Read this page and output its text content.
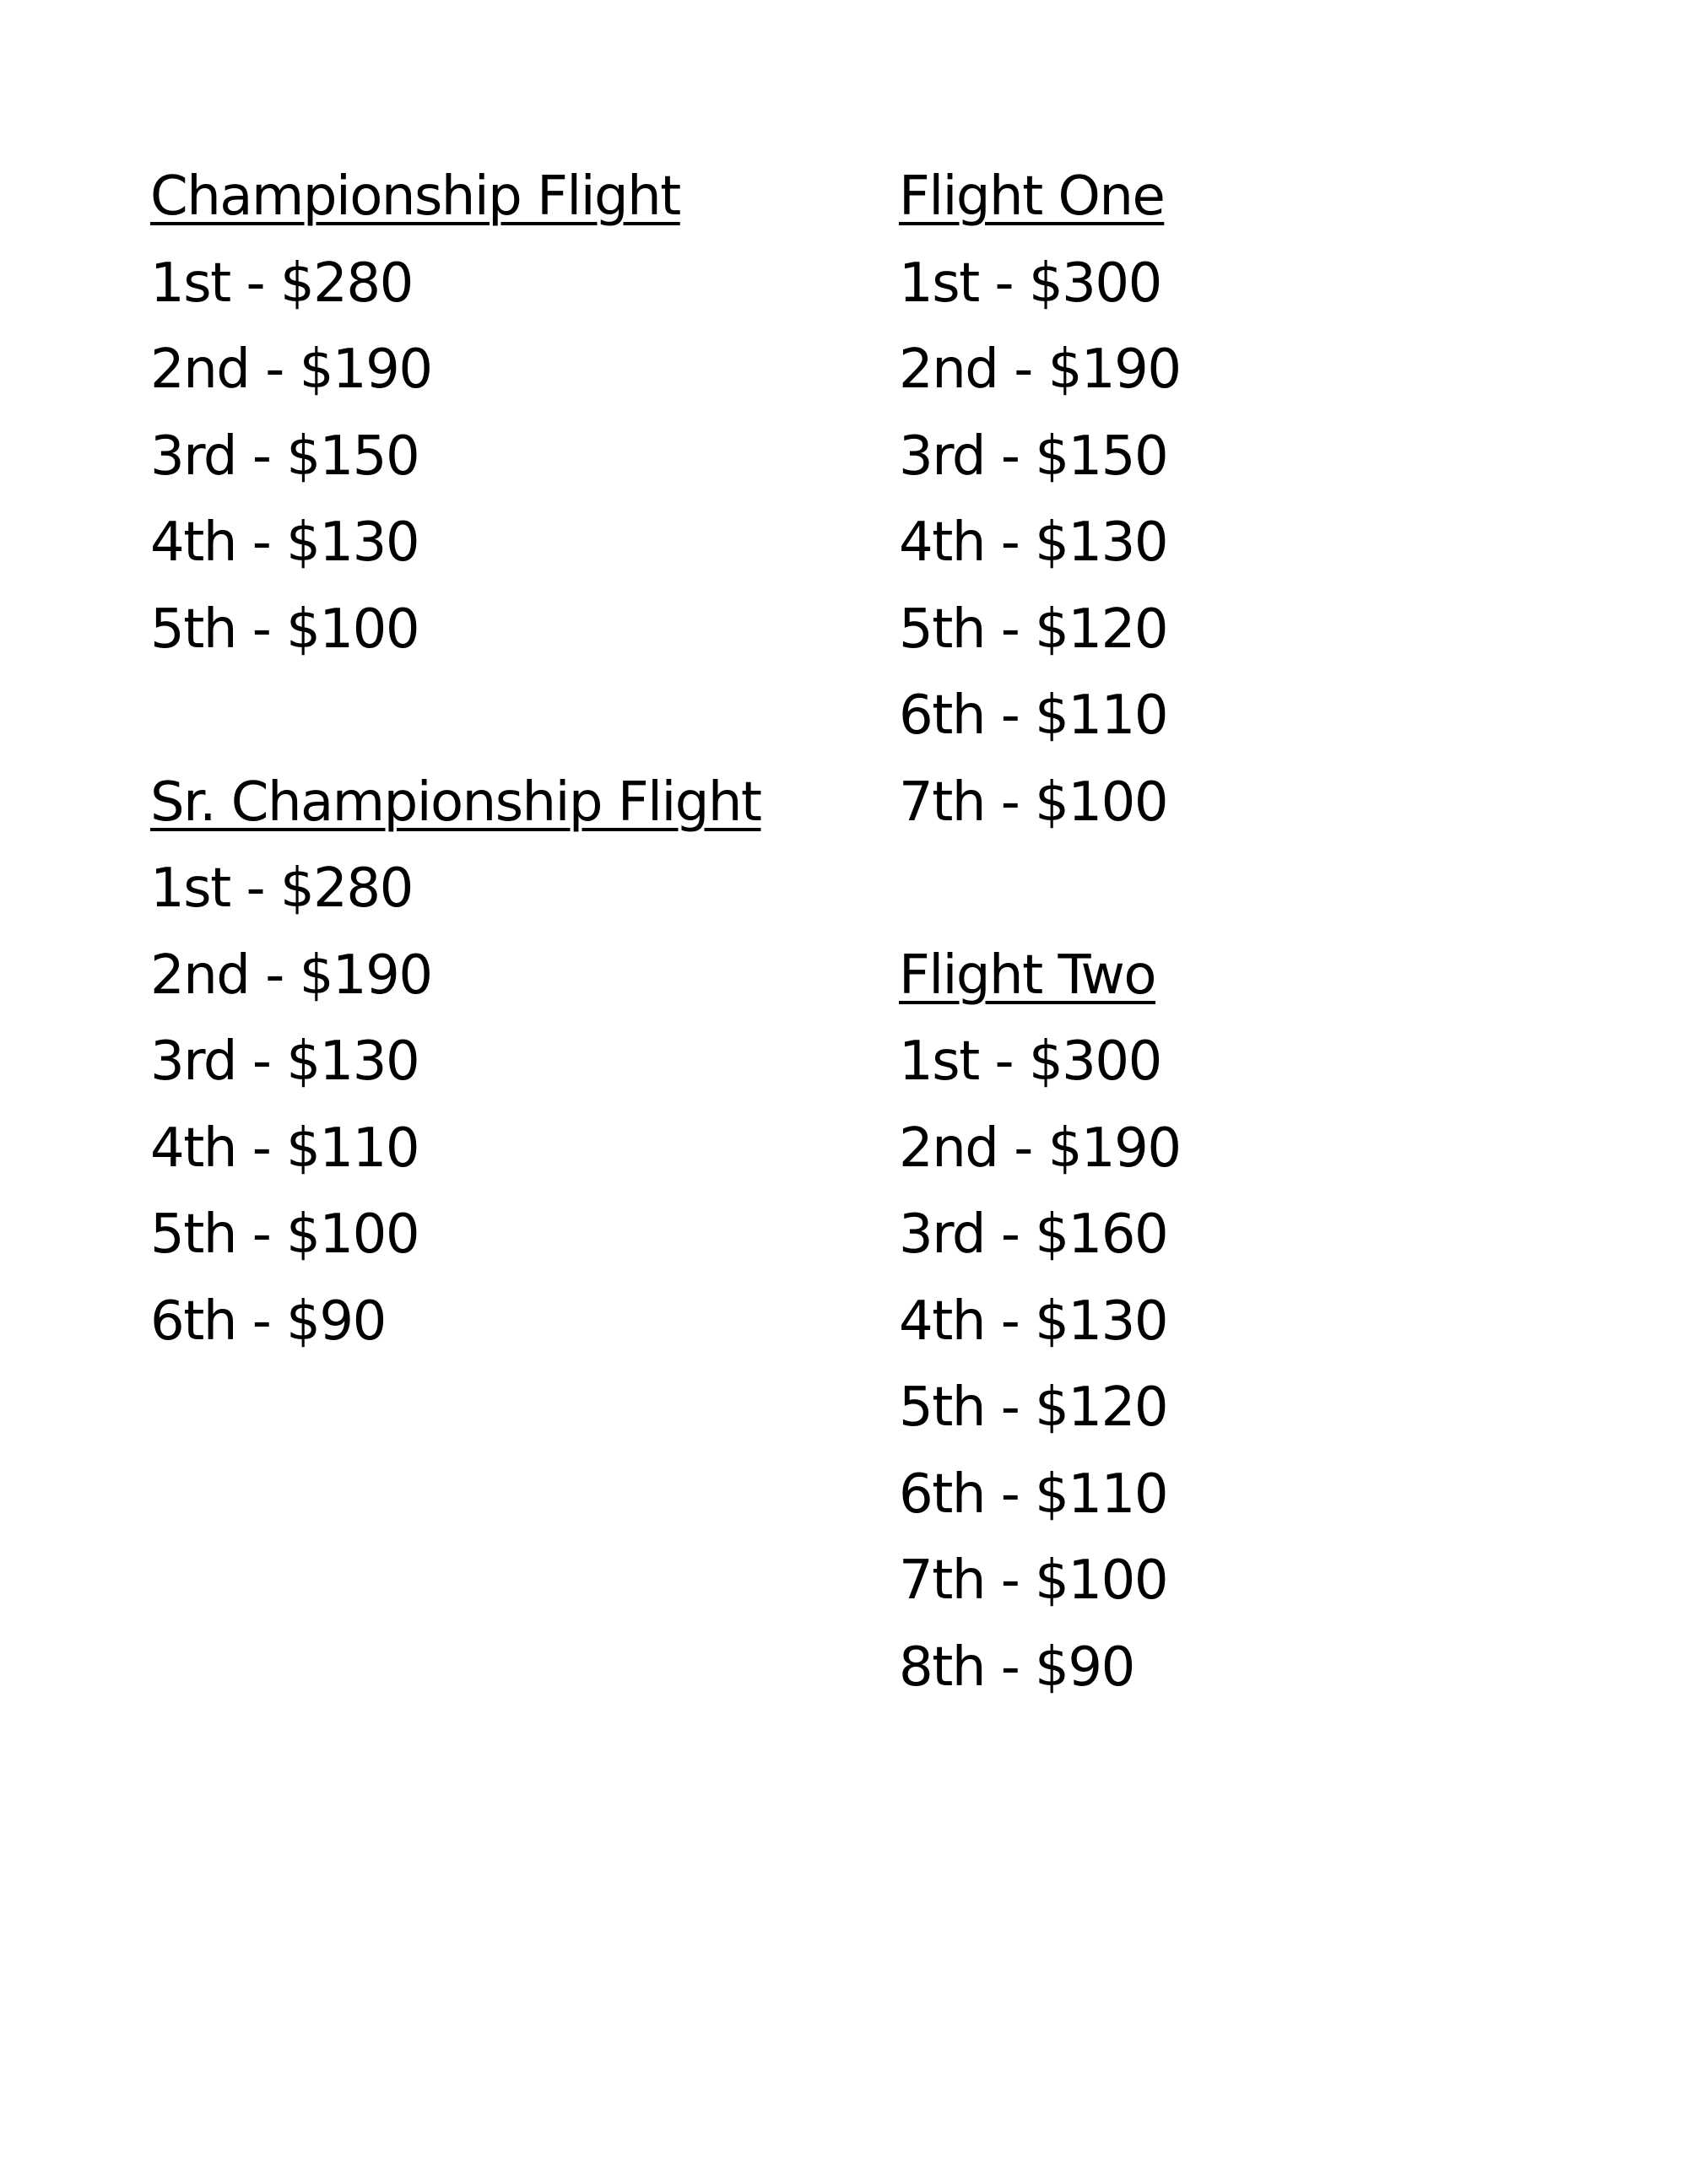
Championship Flight
1st - $280
2nd - $190
3rd - $150
4th - $130
5th - $100
Sr. Championship Flight
1st - $280
2nd - $190
3rd - $130
4th - $110
5th - $100
6th - $90
Flight One
1st - $300
2nd - $190
3rd - $150
4th - $130
5th - $120
6th - $110
7th - $100
Flight Two
1st - $300
2nd - $190
3rd - $160
4th - $130
5th - $120
6th - $110
7th - $100
8th - $90
